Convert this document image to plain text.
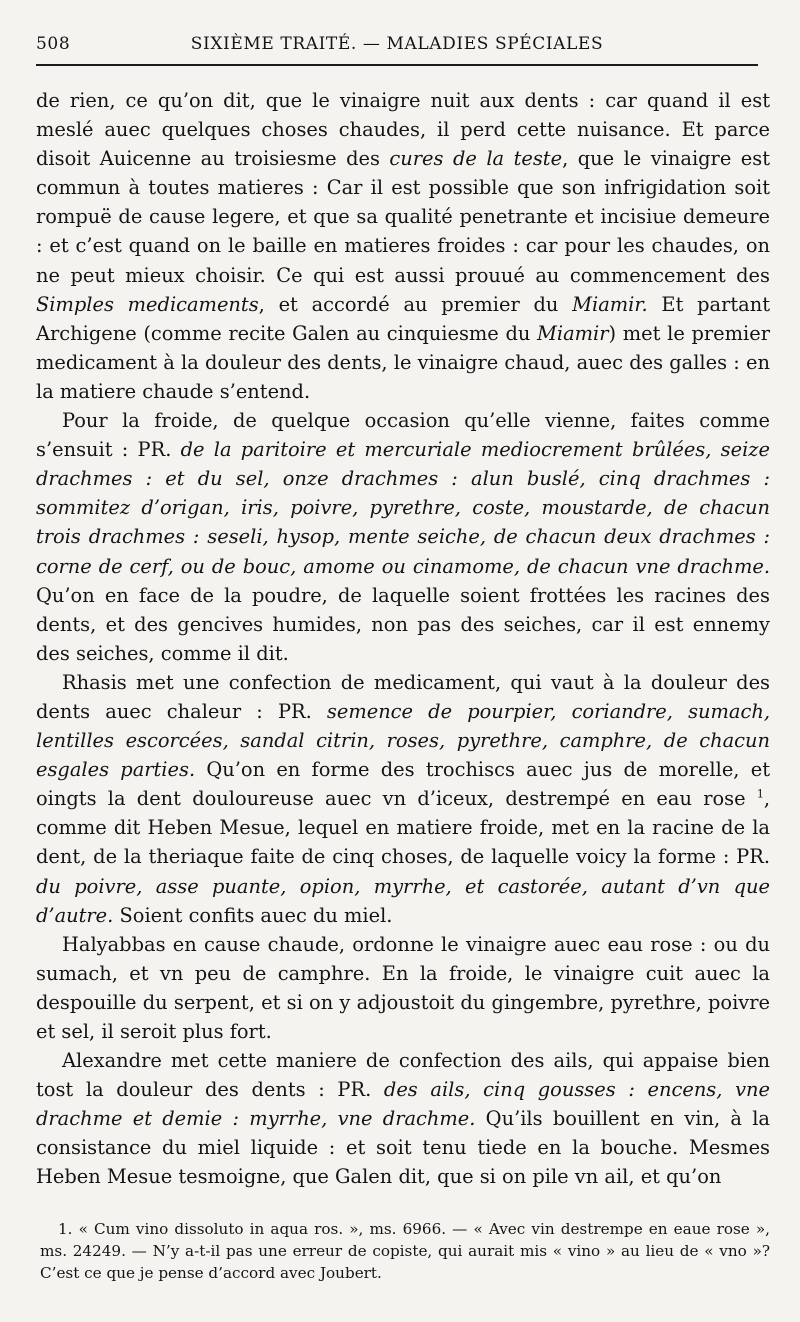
508	SIXIÈME TRAITÉ. — MALADIES SPÉCIALES

de rien, ce qu’on dit, que le vinaigre nuit aux dents : car quand il est meslé auec quelques choses chaudes, il perd cette nuisance. Et parce disoit Auicenne au troisiesme des cures de la teste, que le vinaigre est commun à toutes matieres : Car il est possible que son infrigidation soit rompuë de cause legere, et que sa qualité penetrante et incisiue demeure : et c’est quand on le baille en matieres froides : car pour les chaudes, on ne peut mieux choisir. Ce qui est aussi prouué au commencement des Simples medicaments, et accordé au premier du Miamir. Et partant Archigene (comme recite Galen au cinquiesme du Miamir) met le premier medicament à la douleur des dents, le vinaigre chaud, auec des galles : en la matiere chaude s’entend.

Pour la froide, de quelque occasion qu’elle vienne, faites comme s’ensuit : PR. de la paritoire et mercuriale mediocrement brûlées, seize drachmes : et du sel, onze drachmes : alun buslé, cinq drachmes : sommitez d’origan, iris, poivre, pyrethre, coste, moustarde, de chacun trois drachmes : seseli, hysop, mente seiche, de chacun deux drachmes : corne de cerf, ou de bouc, amome ou cinamome, de chacun vne drachme. Qu’on en face de la poudre, de laquelle soient frottées les racines des dents, et des gencives humides, non pas des seiches, car il est ennemy des seiches, comme il dit.

Rhasis met une confection de medicament, qui vaut à la douleur des dents auec chaleur : PR. semence de pourpier, coriandre, sumach, lentilles escorcées, sandal citrin, roses, pyrethre, camphre, de chacun esgales parties. Qu’on en forme des trochiscs auec jus de morelle, et oingts la dent douloureuse auec vn d’iceux, destrempé en eau rose $^1$, comme dit Heben Mesue, lequel en matiere froide, met en la racine de la dent, de la theriaque faite de cinq choses, de laquelle voicy la forme : PR. du poivre, asse puante, opion, myrrhe, et castorée, autant d’vn que d’autre. Soient confits auec du miel.

Halyabbas en cause chaude, ordonne le vinaigre auec eau rose : ou du sumach, et vn peu de camphre. En la froide, le vinaigre cuit auec la despouille du serpent, et si on y adjoustoit du gingembre, pyrethre, poivre et sel, il seroit plus fort.

Alexandre met cette maniere de confection des ails, qui appaise bien tost la douleur des dents : PR. des ails, cinq gousses : encens, vne drachme et demie : myrrhe, vne drachme. Qu’ils bouillent en vin, à la consistance du miel liquide : et soit tenu tiede en la bouche. Mesmes Heben Mesue tesmoigne, que Galen dit, que si on pile vn ail, et qu’on

1. « Cum vino dissoluto in aqua ros. », ms. 6966. — « Avec vin destrempe en eaue rose », ms. 24249. — N’y a-t-il pas une erreur de copiste, qui aurait mis « vino » au lieu de « vno »? C’est ce que je pense d’accord avec Joubert.
